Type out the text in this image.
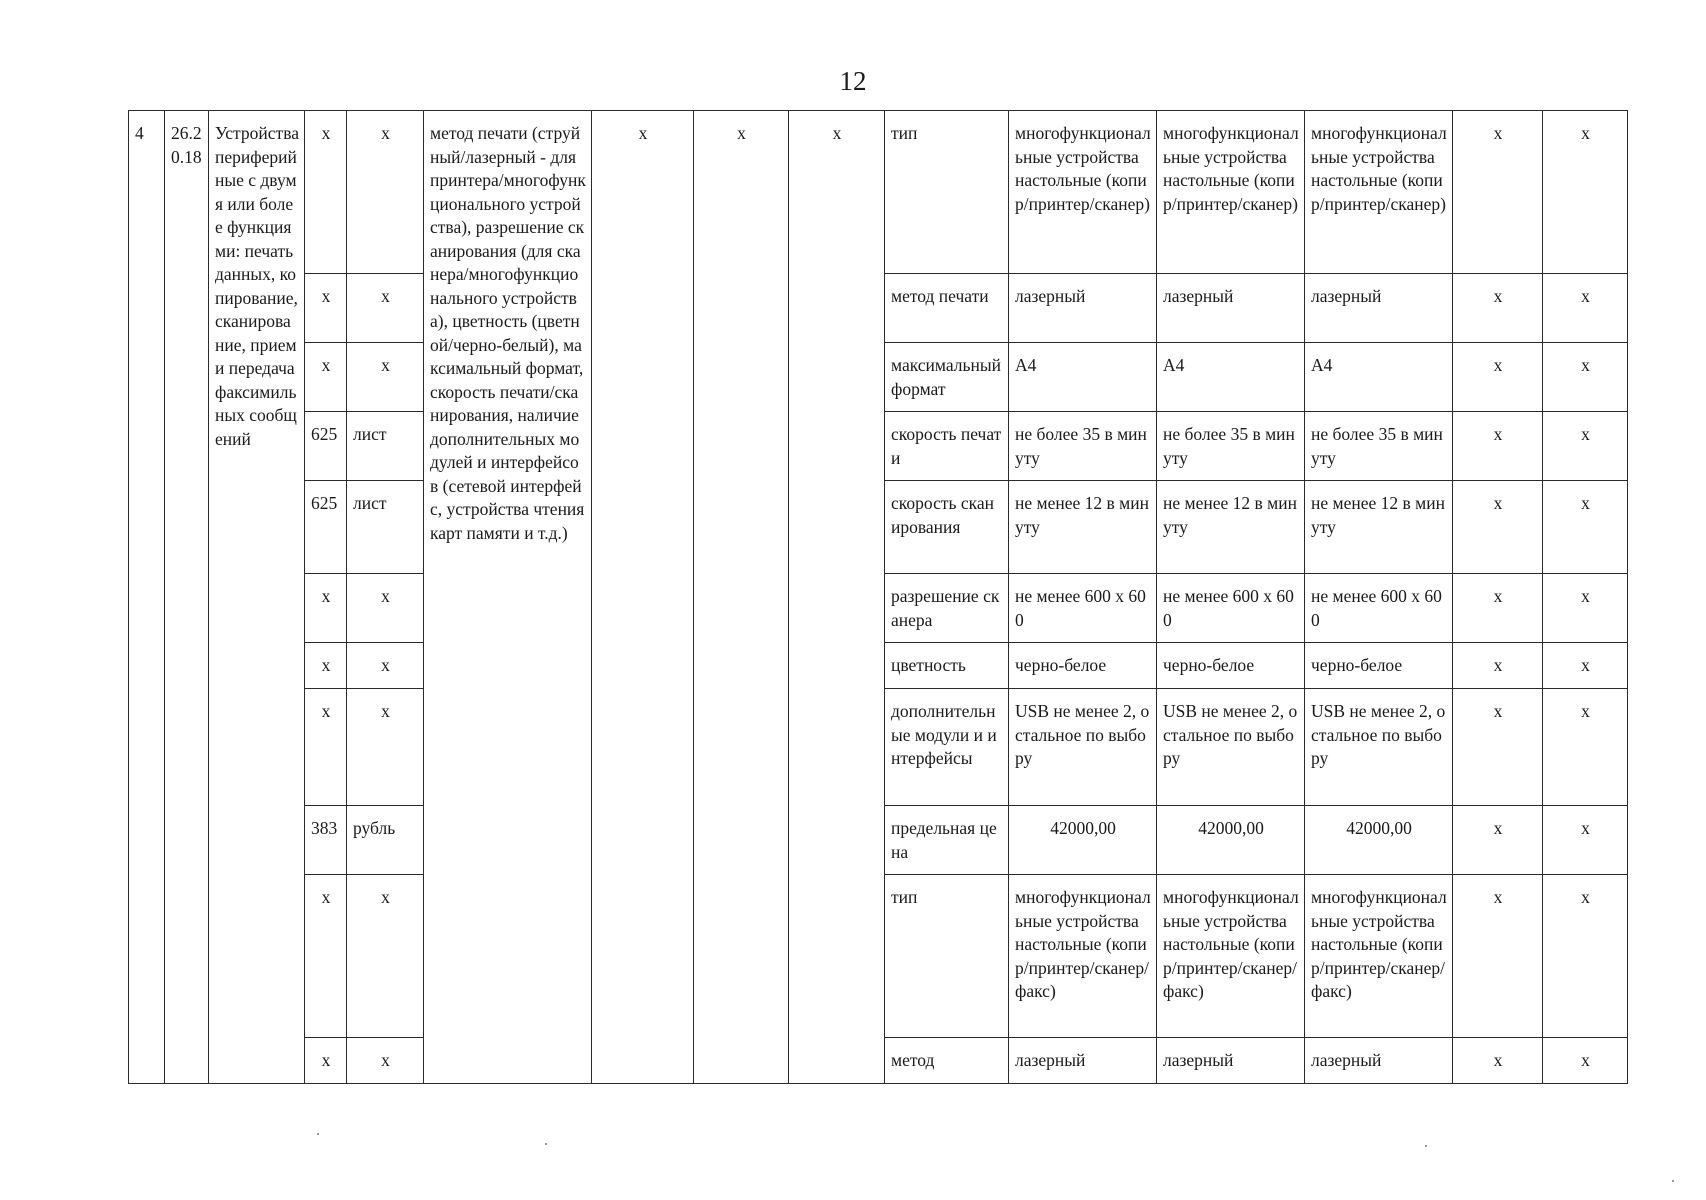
12
4	26.20.18	Устройства периферийные с двумя или более функциями: печать данных, копирование, сканирование, прием и передача факсимильных сообщений	x	x	метод печати (струйный/лазерный - для принтера/многофункционального устройства), разрешение сканирования (для сканера/многофункционального устройства), цветность (цветной/черно-белый), максимальный формат, скорость печати/сканирования, наличие дополнительных модулей и интерфейсов (сетевой интерфейс, устройства чтения карт памяти и т.д.)	x	x	x	тип	многофункциональные устройства настольные (копир/принтер/сканер)	многофункциональные устройства настольные (копир/принтер/сканер)	многофункциональные устройства настольные (копир/принтер/сканер)	x	x
			x	x					метод печати	лазерный	лазерный	лазерный	x	x
			x	x					максимальный формат	А4	А4	А4	x	x
			625	лист					скорость печати	не более 35 в минуту	не более 35 в минуту	не более 35 в минуту	x	x
			625	лист					скорость сканирования	не менее 12 в минуту	не менее 12 в минуту	не менее 12 в минуту	x	x
			x	x					разрешение сканера	не менее 600 х 600	не менее 600 х 600	не менее 600 х 600	x	x
			x	x					цветность	черно-белое	черно-белое	черно-белое	x	x
			x	x					дополнительные модули и интерфейсы	USB не менее 2, остальное по выбору	USB не менее 2, остальное по выбору	USB не менее 2, остальное по выбору	x	x
			383	рубль					предельная цена	42000,00	42000,00	42000,00	x	x
			x	x					тип	многофункциональные устройства настольные (копир/принтер/сканер/факс)	многофункциональные устройства настольные (копир/принтер/сканер/факс)	многофункциональные устройства настольные (копир/принтер/сканер/факс)	x	x
			x	x					метод	лазерный	лазерный	лазерный	x	x
